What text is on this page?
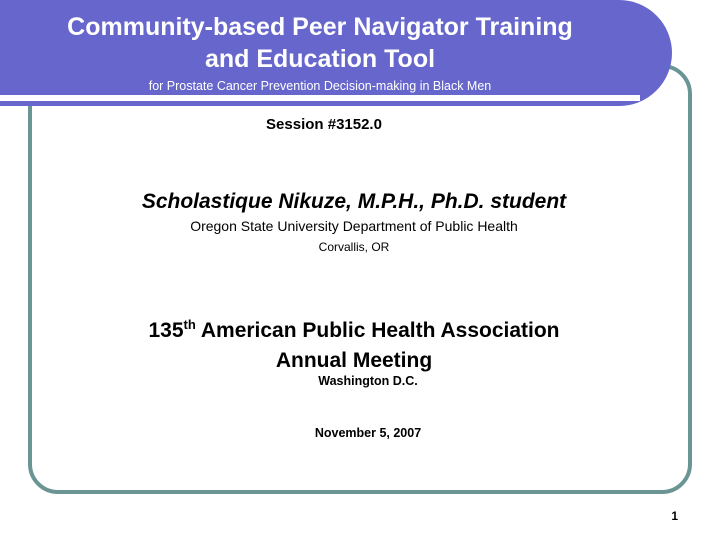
Community-based Peer Navigator Training
and Education Tool
for Prostate Cancer Prevention Decision-making in Black Men
Session #3152.0
Scholastique Nikuze, M.P.H., Ph.D. student
Oregon State University Department of Public Health
Corvallis, OR
135th American Public Health Association
Annual Meeting
Washington D.C.
November 5, 2007
1
